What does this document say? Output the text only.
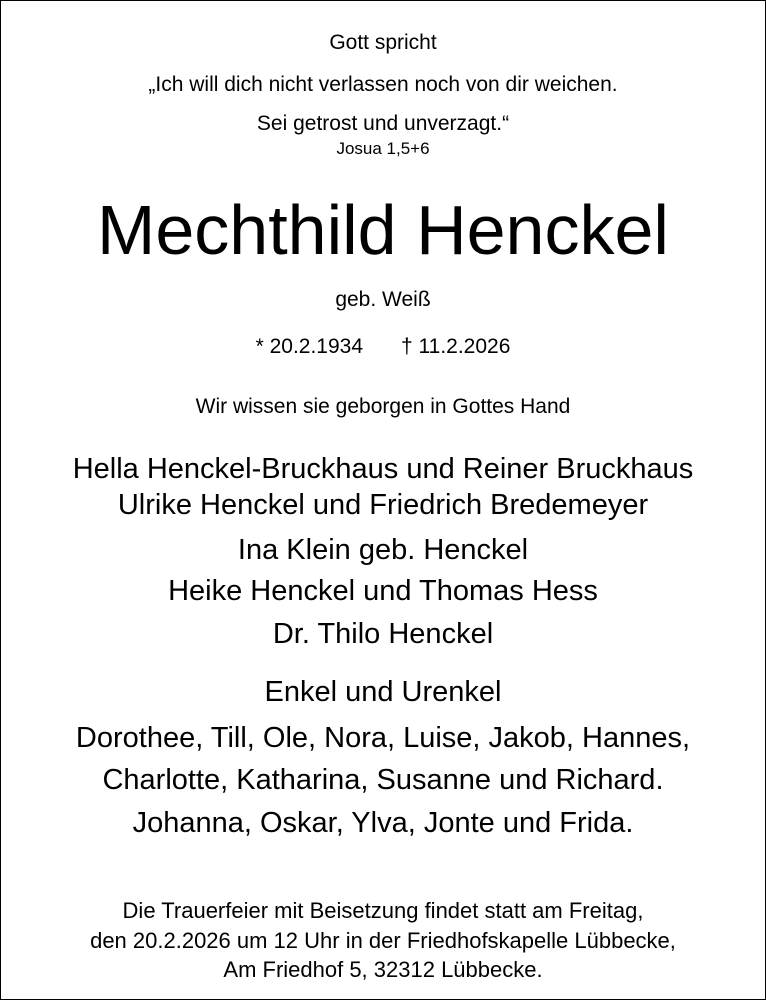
Gott spricht
„Ich will dich nicht verlassen noch von dir weichen.
Sei getrost und unverzagt.“
Josua 1,5+6
Mechthild Henckel
geb. Weiß
* 20.2.1934 † 11.2.2026
Wir wissen sie geborgen in Gottes Hand
Hella Henckel-Bruckhaus und Reiner Bruckhaus
Ulrike Henckel und Friedrich Bredemeyer
Ina Klein geb. Henckel
Heike Henckel und Thomas Hess
Dr. Thilo Henckel
Enkel und Urenkel
Dorothee, Till, Ole, Nora, Luise, Jakob, Hannes,
Charlotte, Katharina, Susanne und Richard.
Johanna, Oskar, Ylva, Jonte und Frida.
Die Trauerfeier mit Beisetzung findet statt am Freitag,
den 20.2.2026 um 12 Uhr in der Friedhofskapelle Lübbecke,
Am Friedhof 5, 32312 Lübbecke.
